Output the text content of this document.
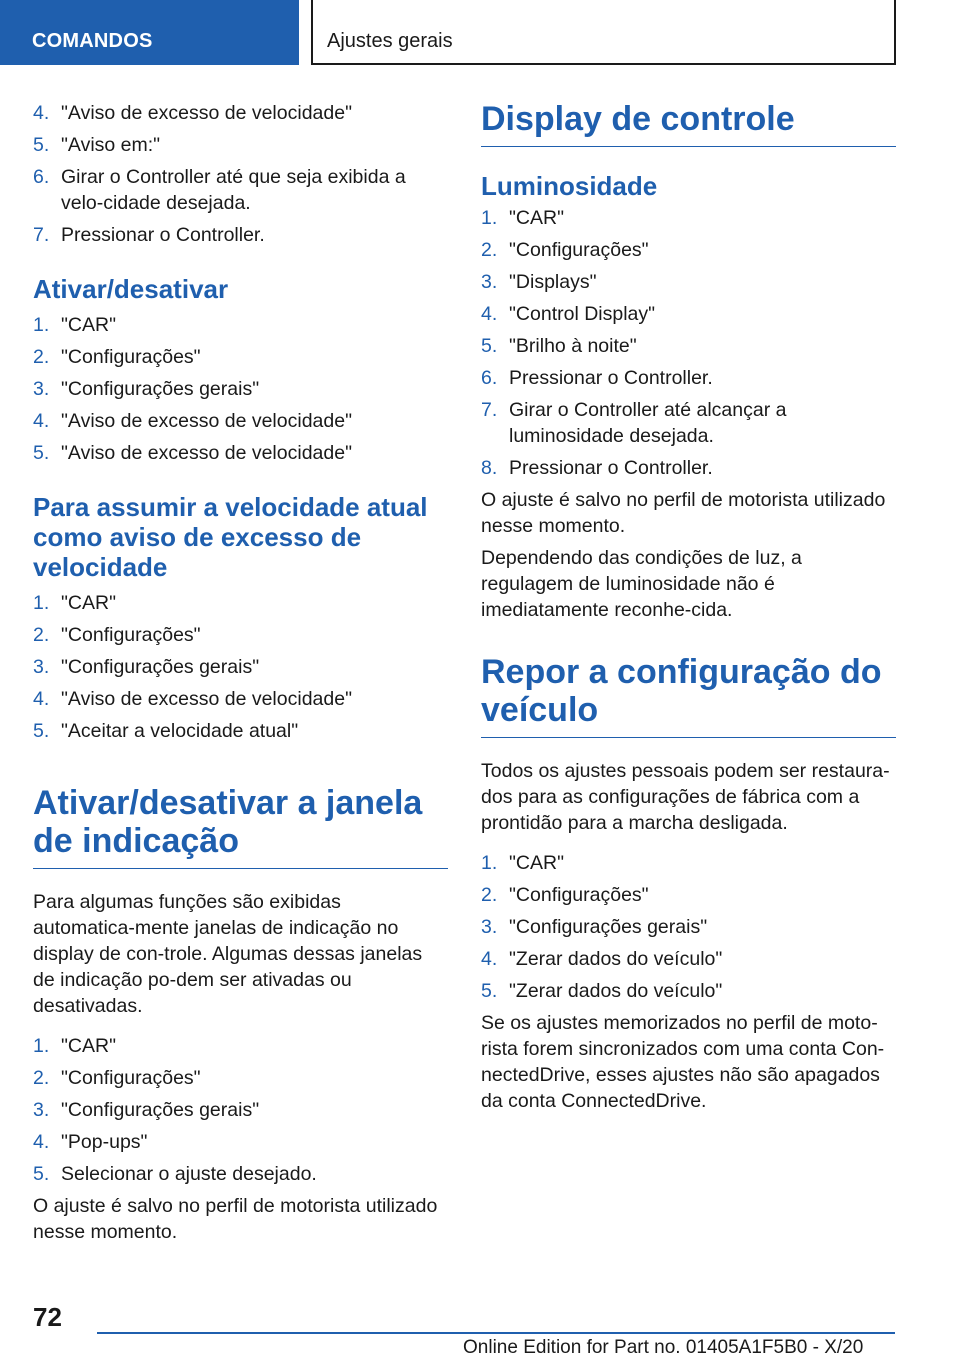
COMANDOS	Ajustes gerais
4. "Aviso de excesso de velocidade"
5. "Aviso em:"
6. Girar o Controller até que seja exibida a velo-cidade desejada.
7. Pressionar o Controller.
Ativar/desativar
1. "CAR"
2. "Configurações"
3. "Configurações gerais"
4. "Aviso de excesso de velocidade"
5. "Aviso de excesso de velocidade"
Para assumir a velocidade atual como aviso de excesso de velocidade
1. "CAR"
2. "Configurações"
3. "Configurações gerais"
4. "Aviso de excesso de velocidade"
5. "Aceitar a velocidade atual"
Ativar/desativar a janela de indicação

Para algumas funções são exibidas automatica-mente janelas de indicação no display de con-trole. Algumas dessas janelas de indicação po-dem ser ativadas ou desativadas.

1. "CAR"
2. "Configurações"
3. "Configurações gerais"
4. "Pop-ups"
5. Selecionar o ajuste desejado.

O ajuste é salvo no perfil de motorista utilizado nesse momento.

Display de controle
Luminosidade
1. "CAR"
2. "Configurações"
3. "Displays"
4. "Control Display"
5. "Brilho à noite"
6. Pressionar o Controller.
7. Girar o Controller até alcançar a luminosidade desejada.
8. Pressionar o Controller.

O ajuste é salvo no perfil de motorista utilizado nesse momento.

Dependendo das condições de luz, a regulagem de luminosidade não é imediatamente reconhe-cida.

Repor a configuração do veículo

Todos os ajustes pessoais podem ser restaura-dos para as configurações de fábrica com a prontidão para a marcha desligada.

1. "CAR"
2. "Configurações"
3. "Configurações gerais"
4. "Zerar dados do veículo"
5. "Zerar dados do veículo"

Se os ajustes memorizados no perfil de moto-rista forem sincronizados com uma conta Con-nectedDrive, esses ajustes não são apagados da conta ConnectedDrive.

72
Online Edition for Part no. 01405A1F5B0 - X/20
